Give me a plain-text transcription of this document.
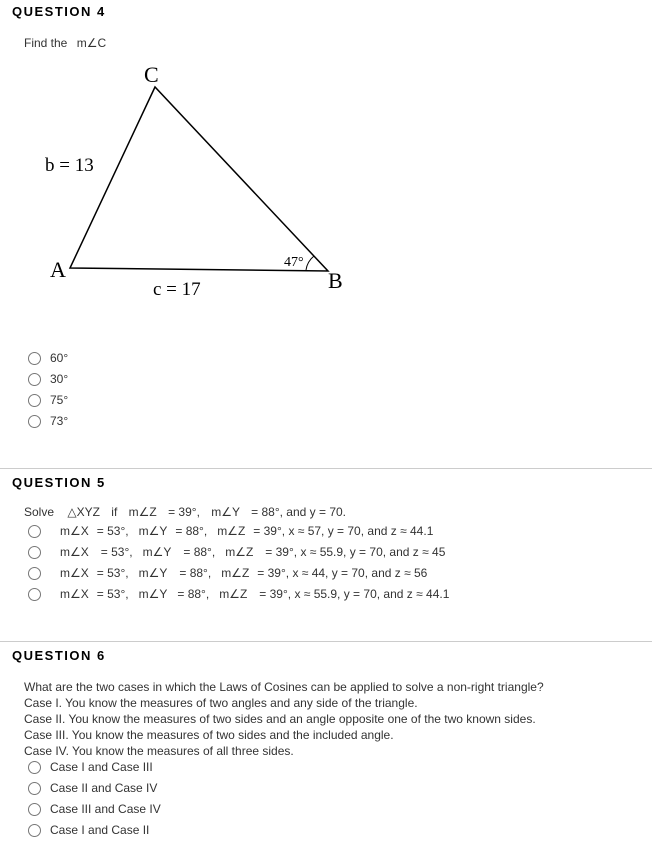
QUESTION 4
Find the m∠C
C
A	B
b = 13
c = 17
47°
60°
30°
75°
73°
QUESTION 5
Solve △XYZ if m∠Z = 39°, m∠Y = 88°, and y = 70.
m∠X = 53°, m∠Y = 88°, m∠Z = 39°, x ≈ 57, y = 70, and z ≈ 44.1
m∠X = 53°, m∠Y = 88°, m∠Z = 39°, x ≈ 55.9, y = 70, and z ≈ 45
m∠X = 53°, m∠Y = 88°, m∠Z = 39°, x ≈ 44, y = 70, and z ≈ 56
m∠X = 53°, m∠Y = 88°, m∠Z = 39°, x ≈ 55.9, y = 70, and z ≈ 44.1
QUESTION 6
What are the two cases in which the Laws of Cosines can be applied to solve a non-right triangle?
Case I. You know the measures of two angles and any side of the triangle.
Case II. You know the measures of two sides and an angle opposite one of the two known sides.
Case III. You know the measures of two sides and the included angle.
Case IV. You know the measures of all three sides.
Case I and Case III
Case II and Case IV
Case III and Case IV
Case I and Case II
